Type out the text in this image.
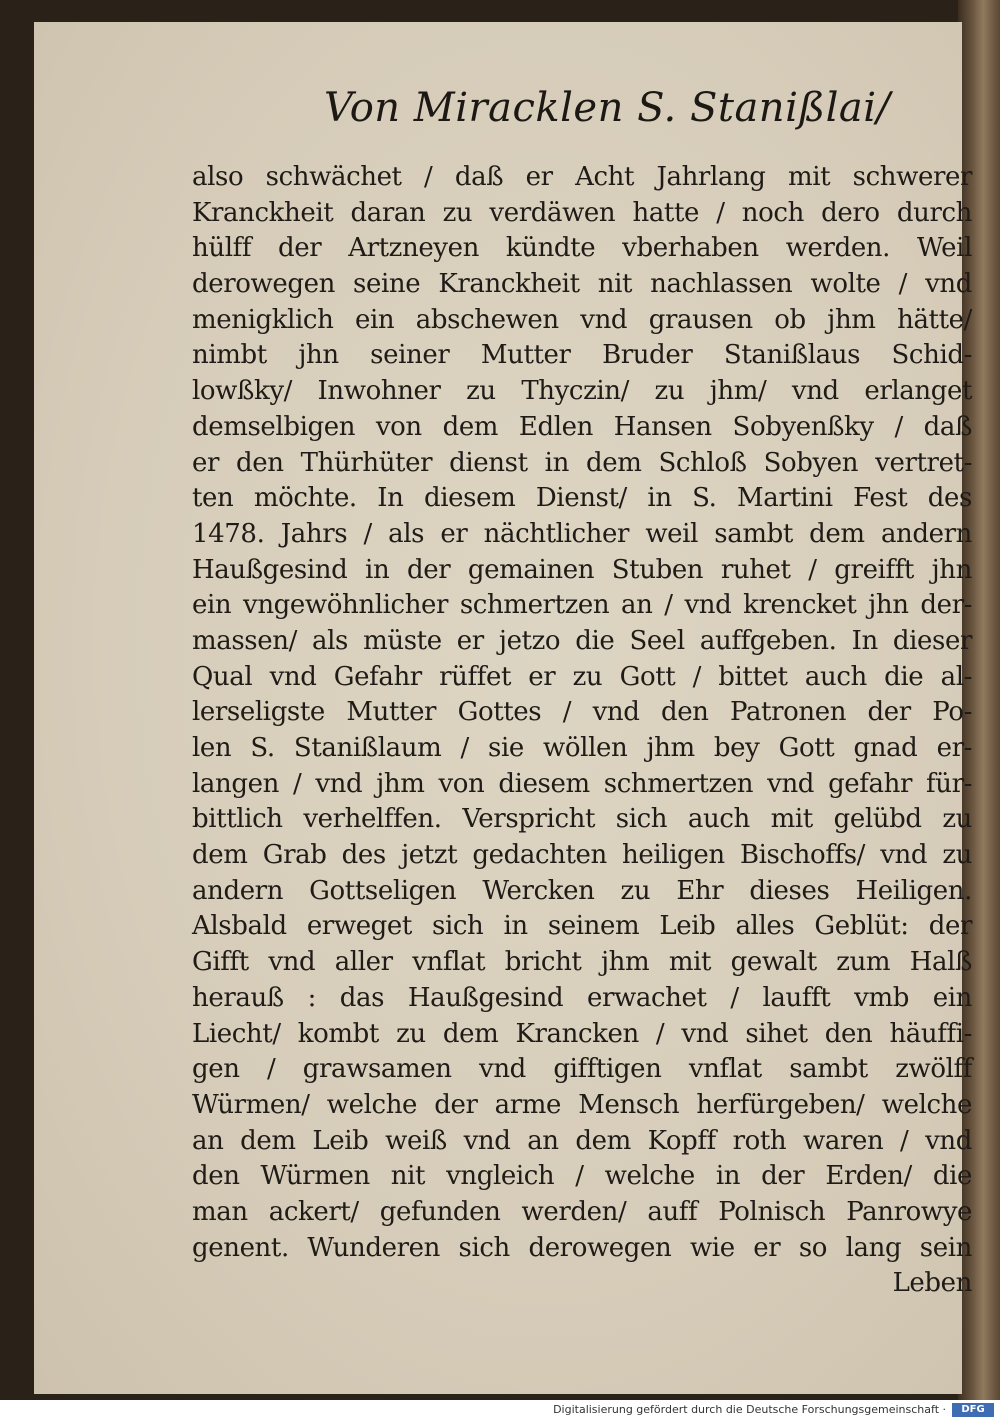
Von Miracklen S. Stanißlai/
also schwächet / daß er Acht Jahrlang mit schwerer
Kranckheit daran zu verdäwen hatte / noch dero durch
hülff der Artzneyen kündte vberhaben werden. Weil
derowegen seine Kranckheit nit nachlassen wolte / vnd
menigklich ein abschewen vnd grausen ob jhm hätte/
nimbt jhn seiner Mutter Bruder Stanißlaus Schid-
lowßky/ Inwohner zu Thyczin/ zu jhm/ vnd erlanget
demselbigen von dem Edlen Hansen Sobyenßky / daß
er den Thürhüter dienst in dem Schloß Sobyen vertret-
ten möchte. In diesem Dienst/ in S. Martini Fest des
1478. Jahrs / als er nächtlicher weil sambt dem andern
Haußgesind in der gemainen Stuben ruhet / greifft jhn
ein vngewöhnlicher schmertzen an / vnd krencket jhn der-
massen/ als müste er jetzo die Seel auffgeben. In dieser
Qual vnd Gefahr rüffet er zu Gott / bittet auch die al-
lerseligste Mutter Gottes / vnd den Patronen der Po-
len S. Stanißlaum / sie wöllen jhm bey Gott gnad er-
langen / vnd jhm von diesem schmertzen vnd gefahr für-
bittlich verhelffen. Verspricht sich auch mit gelübd zu
dem Grab des jetzt gedachten heiligen Bischoffs/ vnd zu
andern Gottseligen Wercken zu Ehr dieses Heiligen.
Alsbald erweget sich in seinem Leib alles Geblüt: der
Gifft vnd aller vnflat bricht jhm mit gewalt zum Halß
herauß : das Haußgesind erwachet / laufft vmb ein
Liecht/ kombt zu dem Krancken / vnd sihet den häuffi-
gen / grawsamen vnd gifftigen vnflat sambt zwölff
Würmen/ welche der arme Mensch herfürgeben/ welche
an dem Leib weiß vnd an dem Kopff roth waren / vnd
den Würmen nit vngleich / welche in der Erden/ die
man ackert/ gefunden werden/ auff Polnisch Panrowye
genent. Wunderen sich derowegen wie er so lang sein
Leben
Digitalisierung gefördert durch die Deutsche Forschungsgemeinschaft ·	DFG
